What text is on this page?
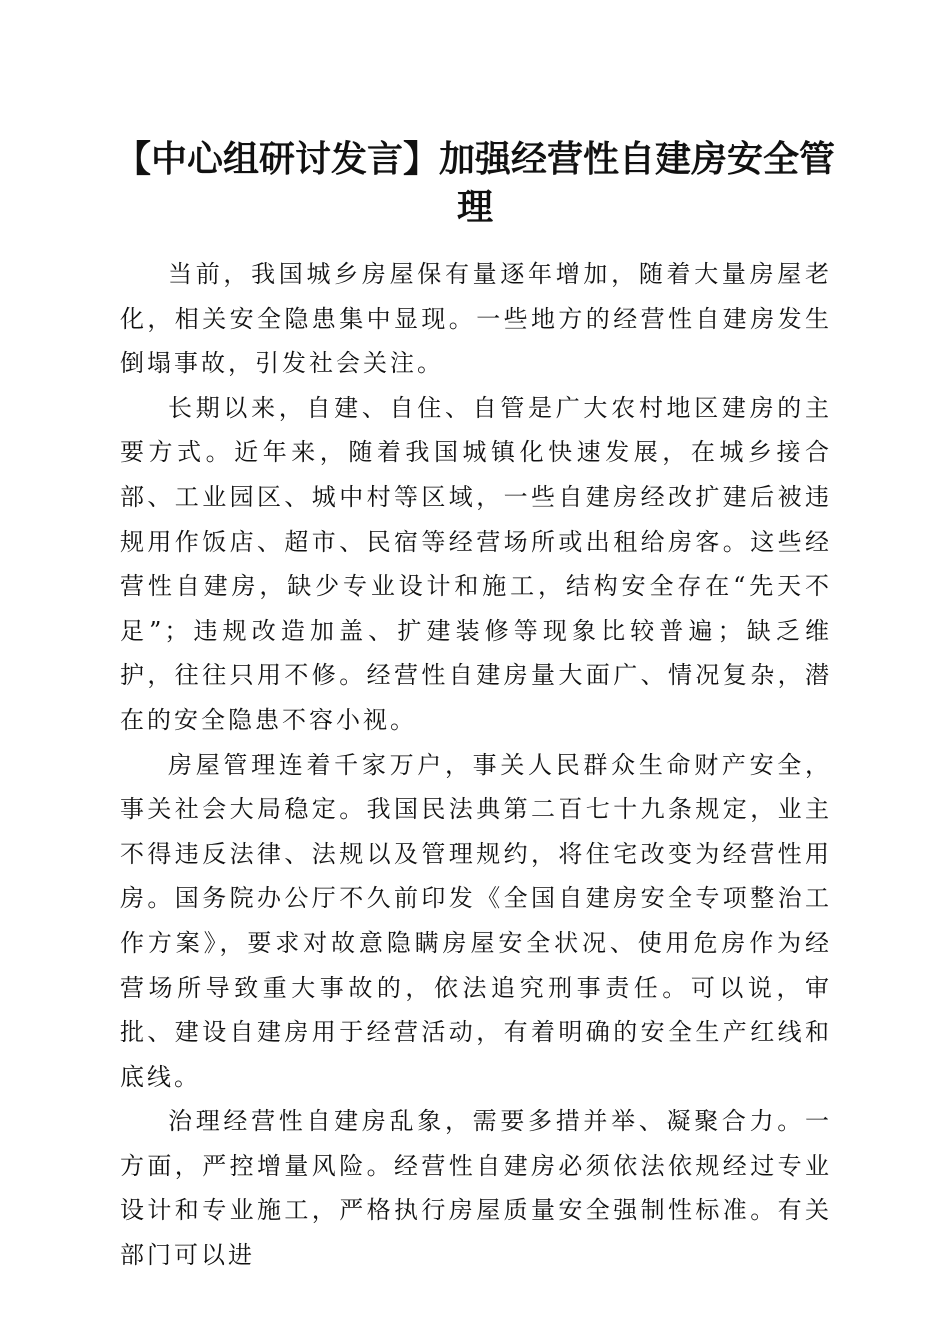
【中心组研讨发言】加强经营性自建房安全管理

当前，我国城乡房屋保有量逐年增加，随着大量房屋老化，相关安全隐患集中显现。一些地方的经营性自建房发生倒塌事故，引发社会关注。

长期以来，自建、自住、自管是广大农村地区建房的主要方式。近年来，随着我国城镇化快速发展，在城乡接合部、工业园区、城中村等区域，一些自建房经改扩建后被违规用作饭店、超市、民宿等经营场所或出租给房客。这些经营性自建房，缺少专业设计和施工，结构安全存在“先天不足”；违规改造加盖、扩建装修等现象比较普遍；缺乏维护，往往只用不修。经营性自建房量大面广、情况复杂，潜在的安全隐患不容小视。

房屋管理连着千家万户，事关人民群众生命财产安全，事关社会大局稳定。我国民法典第二百七十九条规定，业主不得违反法律、法规以及管理规约，将住宅改变为经营性用房。国务院办公厅不久前印发《全国自建房安全专项整治工作方案》，要求对故意隐瞒房屋安全状况、使用危房作为经营场所导致重大事故的，依法追究刑事责任。可以说，审批、建设自建房用于经营活动，有着明确的安全生产红线和底线。

治理经营性自建房乱象，需要多措并举、凝聚合力。一方面，严控增量风险。经营性自建房必须依法依规经过专业设计和专业施工，严格执行房屋质量安全强制性标准。有关部门可以进
